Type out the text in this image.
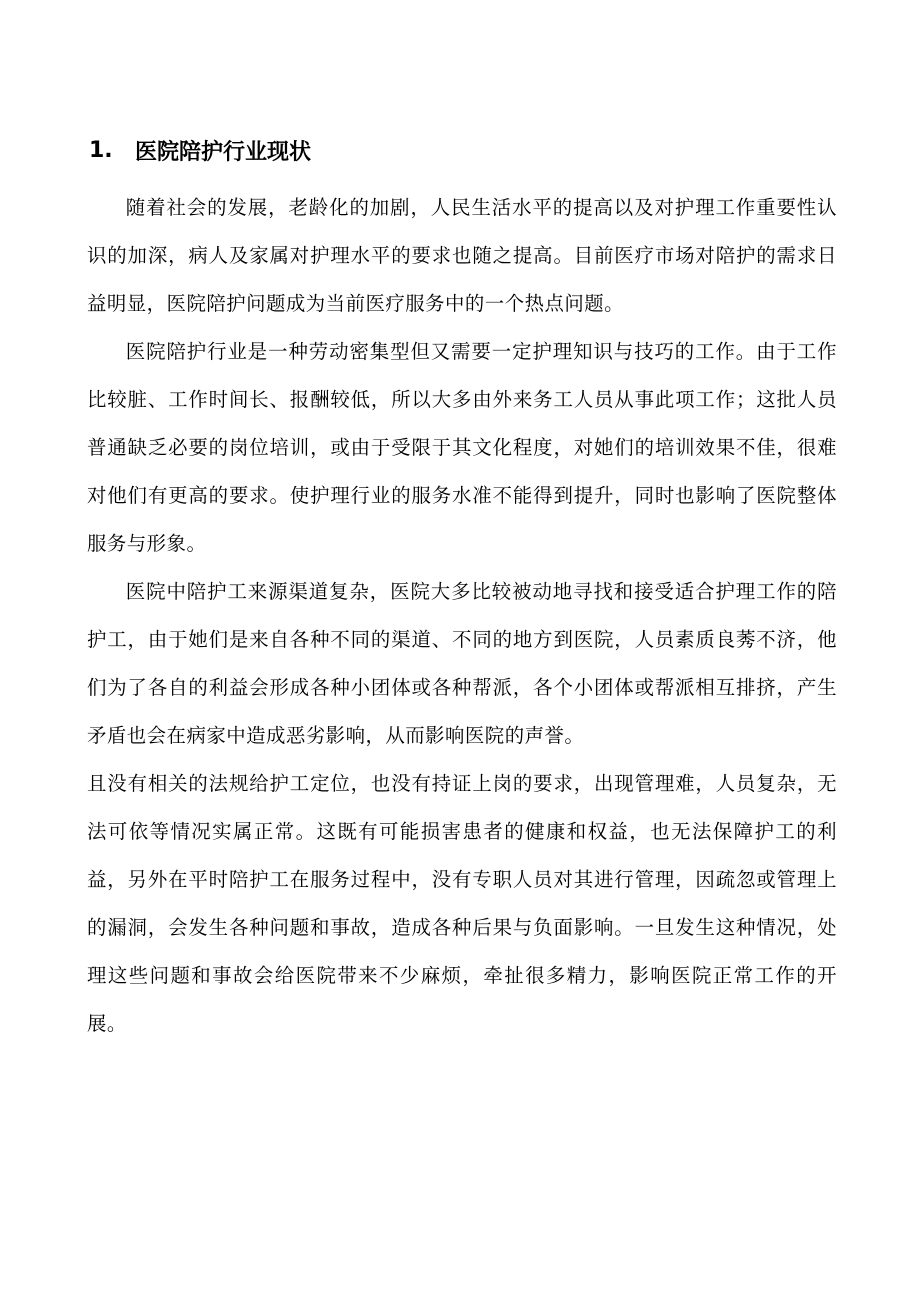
1.	医院陪护行业现状

随着社会的发展，老龄化的加剧，人民生活水平的提高以及对护理工作重要性认识的加深，病人及家属对护理水平的要求也随之提高。目前医疗市场对陪护的需求日益明显，医院陪护问题成为当前医疗服务中的一个热点问题。

医院陪护行业是一种劳动密集型但又需要一定护理知识与技巧的工作。由于工作比较脏、工作时间长、报酬较低，所以大多由外来务工人员从事此项工作；这批人员普通缺乏必要的岗位培训，或由于受限于其文化程度，对她们的培训效果不佳，很难对他们有更高的要求。使护理行业的服务水准不能得到提升，同时也影响了医院整体服务与形象。

医院中陪护工来源渠道复杂，医院大多比较被动地寻找和接受适合护理工作的陪护工，由于她们是来自各种不同的渠道、不同的地方到医院，人员素质良莠不济，他们为了各自的利益会形成各种小团体或各种帮派，各个小团体或帮派相互排挤，产生矛盾也会在病家中造成恶劣影响，从而影响医院的声誉。

且没有相关的法规给护工定位，也没有持证上岗的要求，出现管理难，人员复杂，无法可依等情况实属正常。这既有可能损害患者的健康和权益，也无法保障护工的利益，另外在平时陪护工在服务过程中，没有专职人员对其进行管理，因疏忽或管理上的漏洞，会发生各种问题和事故，造成各种后果与负面影响。一旦发生这种情况，处理这些问题和事故会给医院带来不少麻烦，牵扯很多精力，影响医院正常工作的开展。
